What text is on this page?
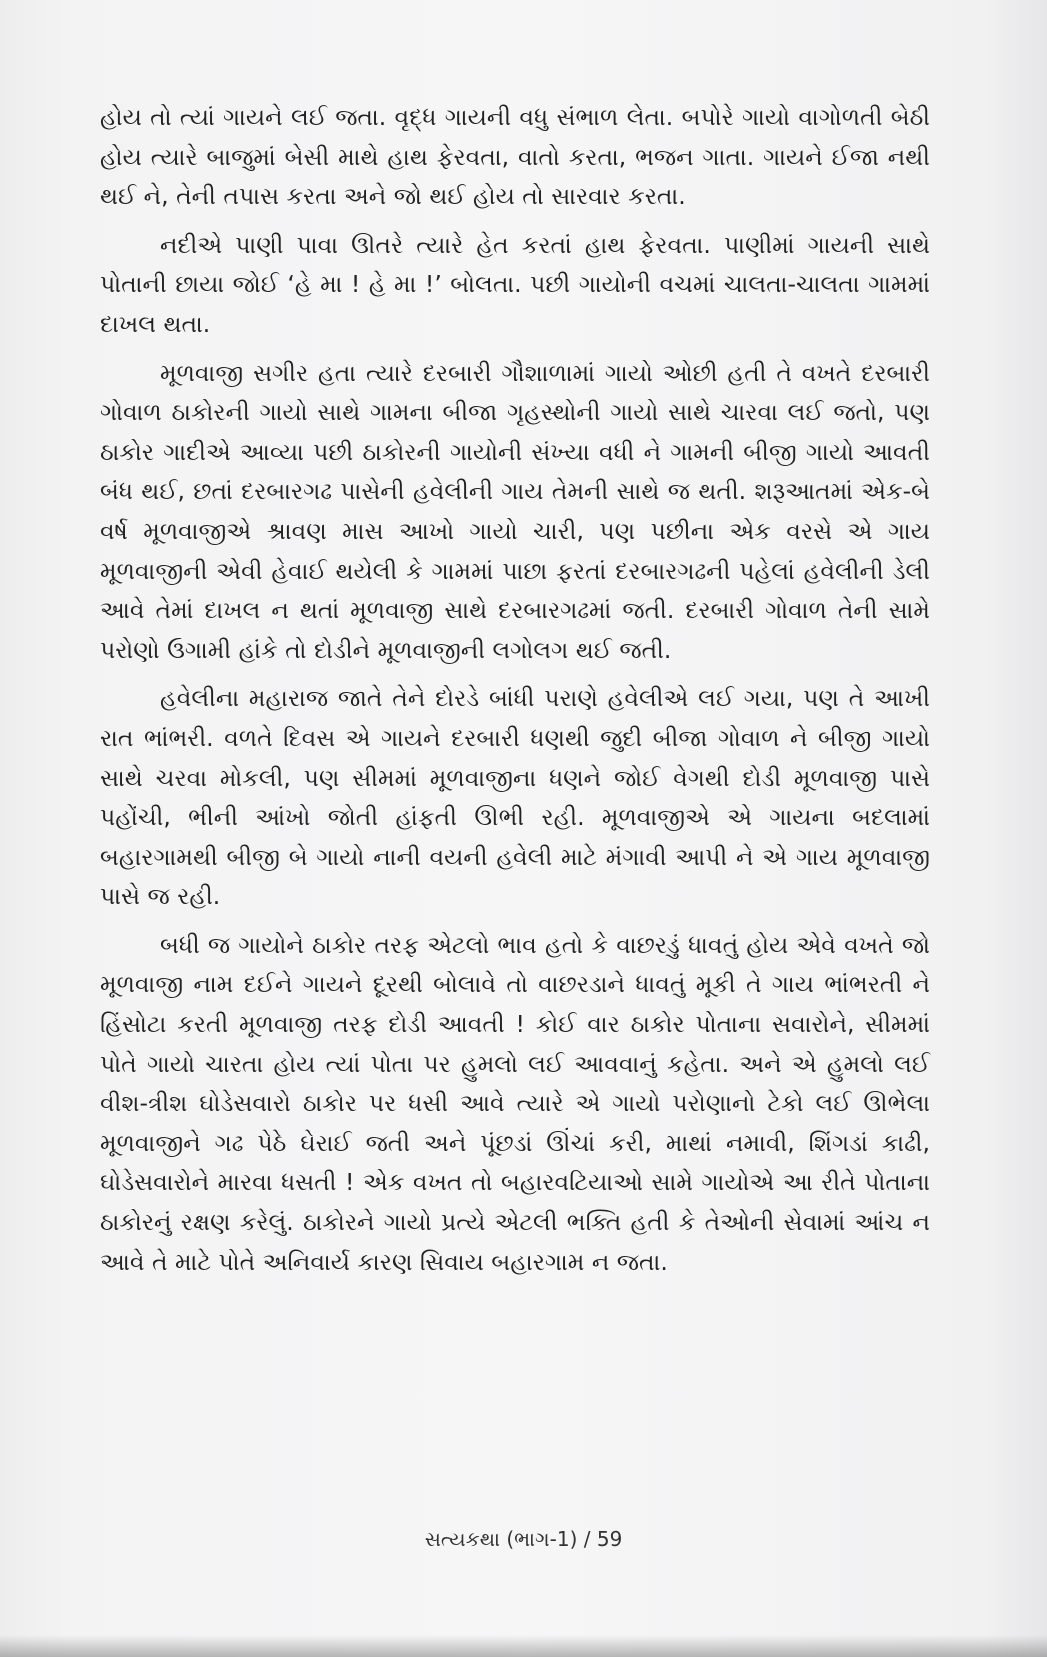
હોય તો ત્યાં ગાયને લઈ જતા. વૃદ્ધ ગાયની વધુ સંભાળ લેતા. બપોરે ગાયો વાગોળતી બેઠી હોય ત્યારે બાજુમાં બેસી માથે હાથ ફેરવતા, વાતો કરતા, ભજન ગાતા. ગાયને ઈજા નથી થઈ ને, તેની તપાસ કરતા અને જો થઈ હોય તો સારવાર કરતા.

નદીએ પાણી પાવા ઊતરે ત્યારે હેત કરતાં હાથ ફેરવતા. પાણીમાં ગાયની સાથે પોતાની છાયા જોઈ ‘હે મા ! હે મા !’ બોલતા. પછી ગાયોની વચમાં ચાલતા-ચાલતા ગામમાં દાખલ થતા.

મૂળવાજી સગીર હતા ત્યારે દરબારી ગૌશાળામાં ગાયો ઓછી હતી તે વખતે દરબારી ગોવાળ ઠાકોરની ગાયો સાથે ગામના બીજા ગૃહસ્થોની ગાયો સાથે ચારવા લઈ જતો, પણ ઠાકોર ગાદીએ આવ્યા પછી ઠાકોરની ગાયોની સંખ્યા વધી ને ગામની બીજી ગાયો આવતી બંધ થઈ, છતાં દરબારગઢ પાસેની હવેલીની ગાય તેમની સાથે જ થતી. શરૂઆતમાં એક-બે વર્ષ મૂળવાજીએ શ્રાવણ માસ આખો ગાયો ચારી, પણ પછીના એક વરસે એ ગાય મૂળવાજીની એવી હેવાઈ થયેલી કે ગામમાં પાછા ફરતાં દરબારગઢની પહેલાં હવેલીની ડેલી આવે તેમાં દાખલ ન થતાં મૂળવાજી સાથે દરબારગઢમાં જતી. દરબારી ગોવાળ તેની સામે પરોણો ઉગામી હાંકે તો દોડીને મૂળવાજીની લગોલગ થઈ જતી.

હવેલીના મહારાજ જાતે તેને દોરડે બાંધી પરાણે હવેલીએ લઈ ગયા, પણ તે આખી રાત ભાંભરી. વળતે દિવસ એ ગાયને દરબારી ધણથી જુદી બીજા ગોવાળ ને બીજી ગાયો સાથે ચરવા મોકલી, પણ સીમમાં મૂળવાજીના ધણને જોઈ વેગથી દોડી મૂળવાજી પાસે પહોંચી, ભીની આંખો જોતી હાંફતી ઊભી રહી. મૂળવાજીએ એ ગાયના બદલામાં બહારગામથી બીજી બે ગાયો નાની વયની હવેલી માટે મંગાવી આપી ને એ ગાય મૂળવાજી પાસે જ રહી.

બધી જ ગાયોને ઠાકોર તરફ એટલો ભાવ હતો કે વાછરડું ધાવતું હોય એવે વખતે જો મૂળવાજી નામ દઈને ગાયને દૂરથી બોલાવે તો વાછરડાને ધાવતું મૂકી તે ગાય ભાંભરતી ને હિંસોટા કરતી મૂળવાજી તરફ દોડી આવતી ! કોઈ વાર ઠાકોર પોતાના સવારોને, સીમમાં પોતે ગાયો ચારતા હોય ત્યાં પોતા પર હુમલો લઈ આવવાનું કહેતા. અને એ હુમલો લઈ વીશ-ત્રીશ ઘોડેસવારો ઠાકોર પર ધસી આવે ત્યારે એ ગાયો પરોણાનો ટેકો લઈ ઊભેલા મૂળવાજીને ગઢ પેઠે ઘેરાઈ જતી અને પૂંછડાં ઊંચાં કરી, માથાં નમાવી, શિંગડાં કાઢી, ઘોડેસવારોને મારવા ધસતી ! એક વખત તો બહારવટિયાઓ સામે ગાયોએ આ રીતે પોતાના ઠાકોરનું રક્ષણ કરેલું. ઠાકોરને ગાયો પ્રત્યે એટલી ભક્તિ હતી કે તેઓની સેવામાં આંચ ન આવે તે માટે પોતે અનિવાર્ય કારણ સિવાય બહારગામ ન જતા.

સત્યકથા (ભાગ-1) / 59
